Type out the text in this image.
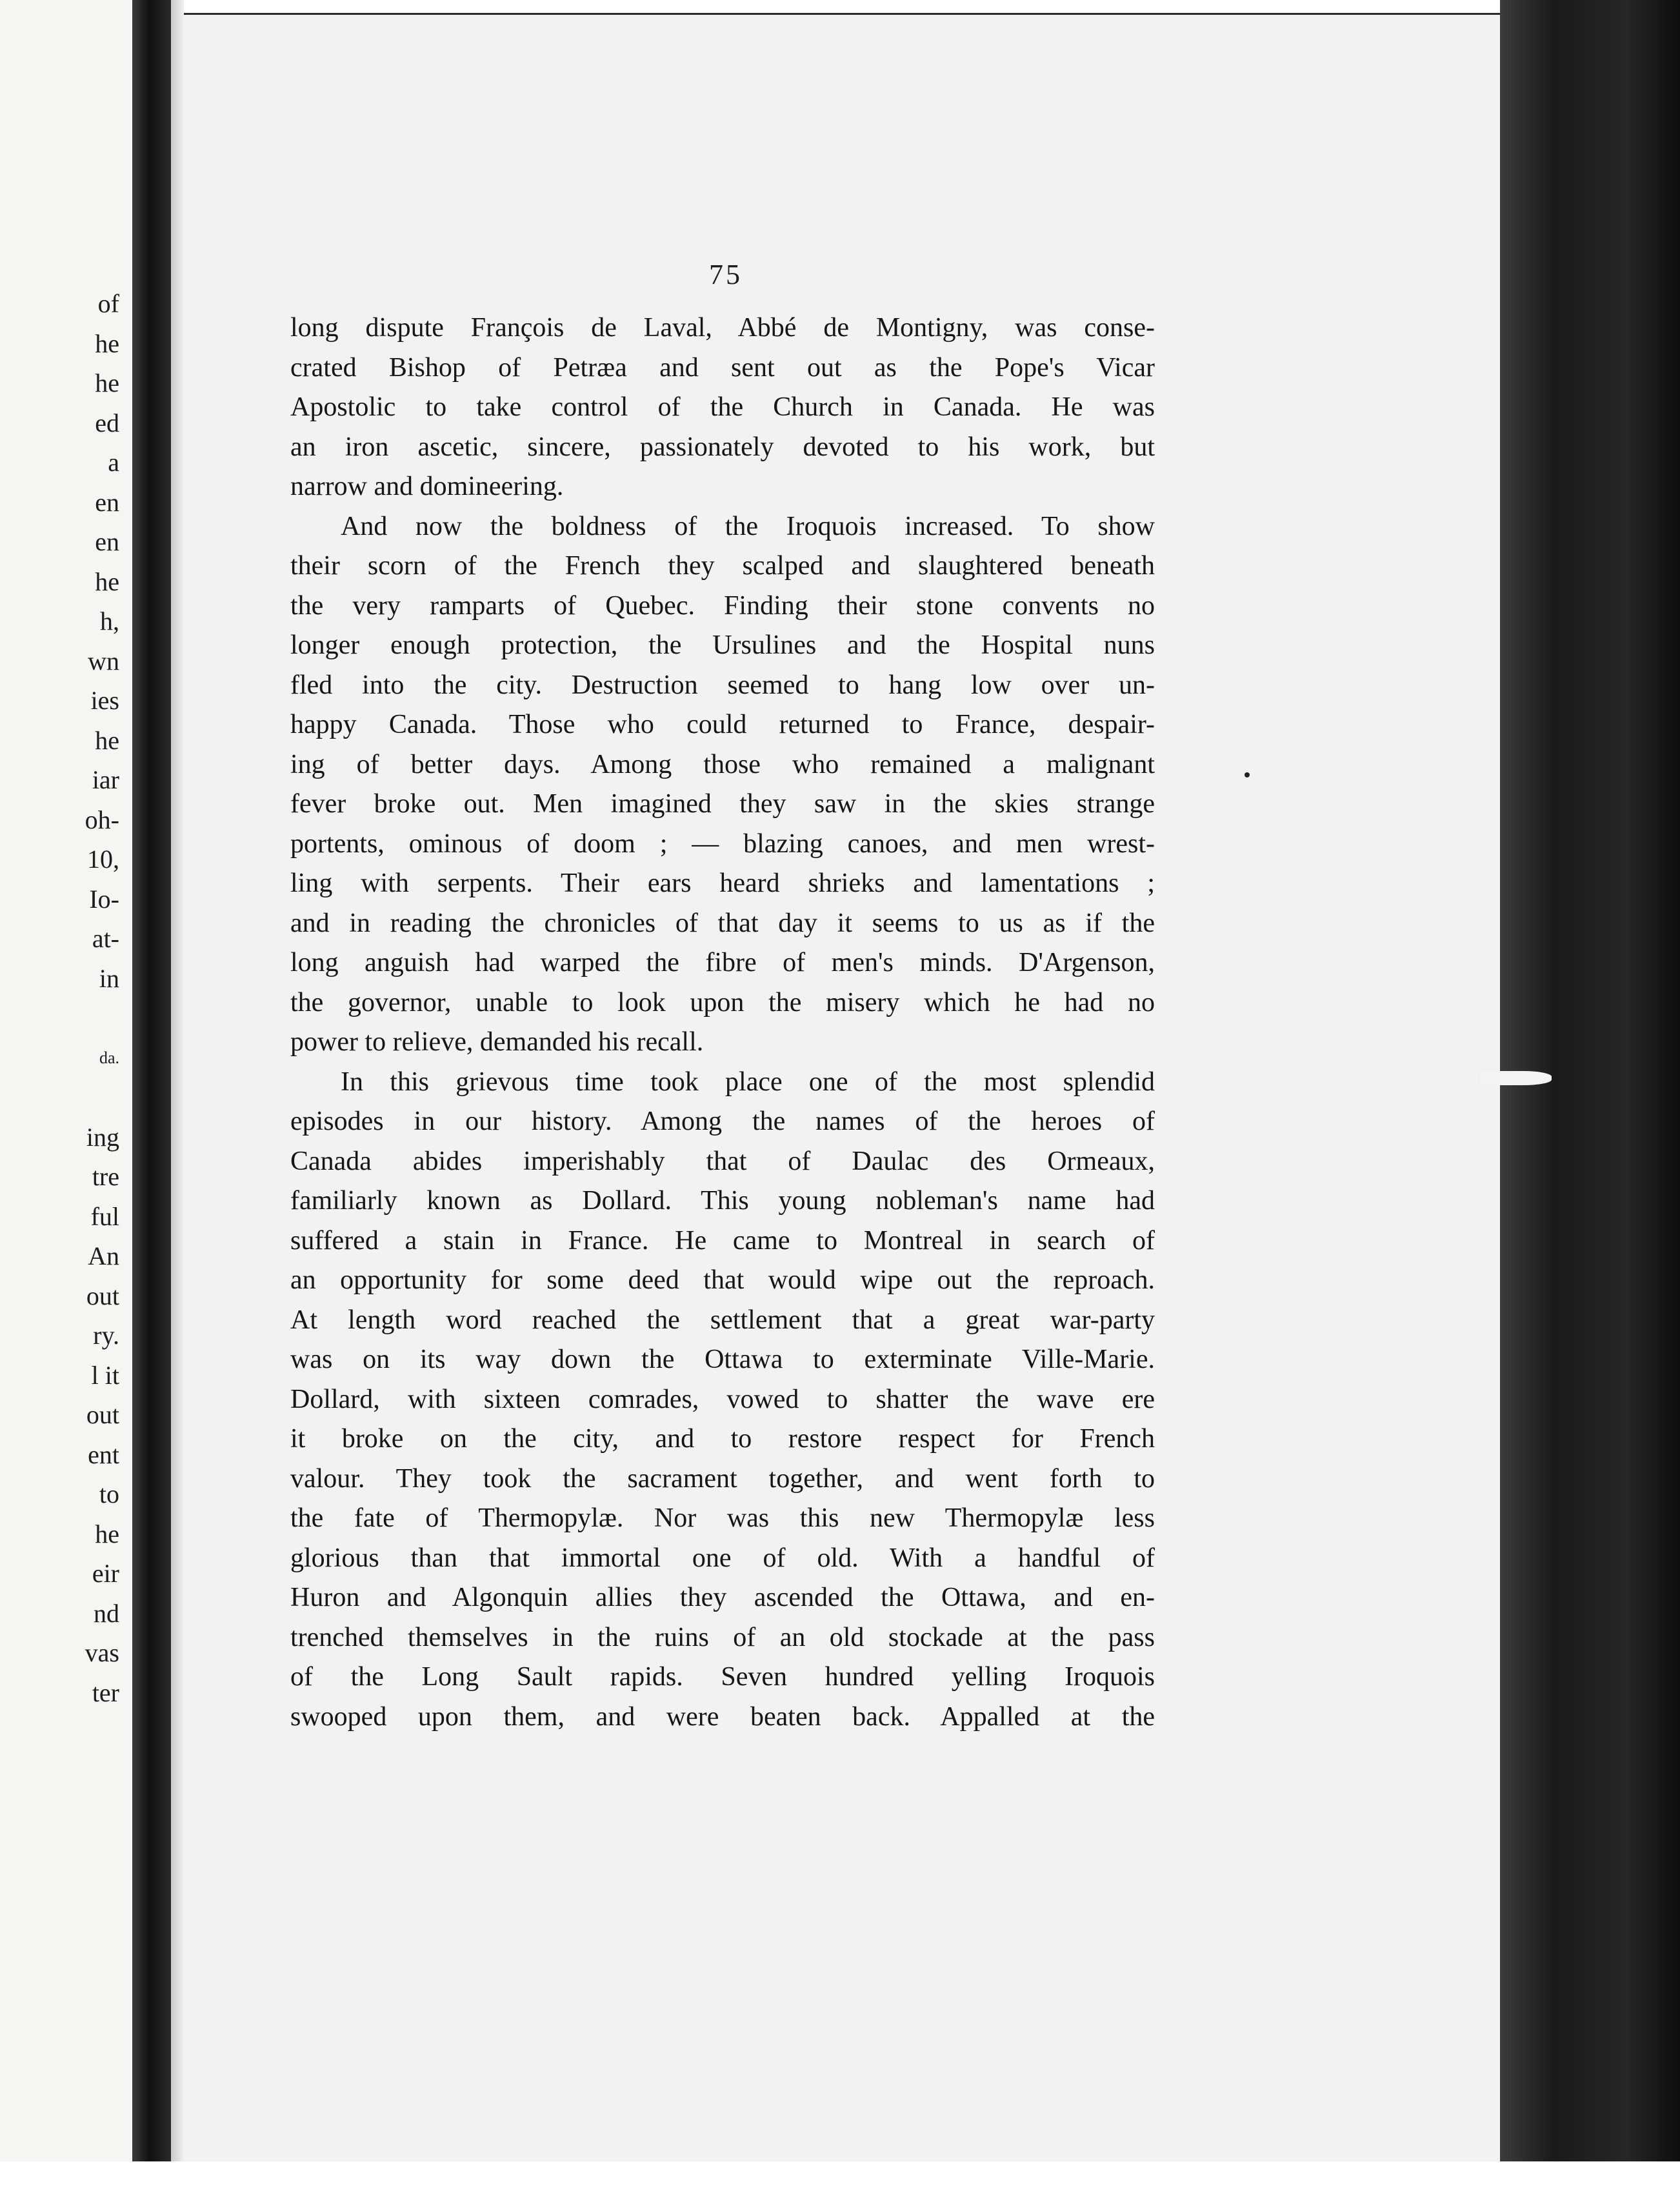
of
he
he
ed
a
en
en
he
h,
wn
ies
he
iar
oh-
10,
Io-
at-
in
da.
ing
tre
ful
An
out
ry.
l it
out
ent
to
he
eir
nd
vas
ter
75
long dispute François de Laval, Abbé de Montigny, was conse-
crated Bishop of Petræa and sent out as the Pope's Vicar
Apostolic to take control of the Church in Canada. He was
an iron ascetic, sincere, passionately devoted to his work, but
narrow and domineering.
And now the boldness of the Iroquois increased. To show
their scorn of the French they scalped and slaughtered beneath
the very ramparts of Quebec. Finding their stone convents no
longer enough protection, the Ursulines and the Hospital nuns
fled into the city. Destruction seemed to hang low over un-
happy Canada. Those who could returned to France, despair-
ing of better days. Among those who remained a malignant
fever broke out. Men imagined they saw in the skies strange
portents, ominous of doom ; — blazing canoes, and men wrest-
ling with serpents. Their ears heard shrieks and lamentations ;
and in reading the chronicles of that day it seems to us as if the
long anguish had warped the fibre of men's minds. D'Argenson,
the governor, unable to look upon the misery which he had no
power to relieve, demanded his recall.
In this grievous time took place one of the most splendid
episodes in our history. Among the names of the heroes of
Canada abides imperishably that of Daulac des Ormeaux,
familiarly known as Dollard. This young nobleman's name had
suffered a stain in France. He came to Montreal in search of
an opportunity for some deed that would wipe out the reproach.
At length word reached the settlement that a great war-party
was on its way down the Ottawa to exterminate Ville-Marie.
Dollard, with sixteen comrades, vowed to shatter the wave ere
it broke on the city, and to restore respect for French
valour. They took the sacrament together, and went forth to
the fate of Thermopylæ. Nor was this new Thermopylæ less
glorious than that immortal one of old. With a handful of
Huron and Algonquin allies they ascended the Ottawa, and en-
trenched themselves in the ruins of an old stockade at the pass
of the Long Sault rapids. Seven hundred yelling Iroquois
swooped upon them, and were beaten back. Appalled at the
